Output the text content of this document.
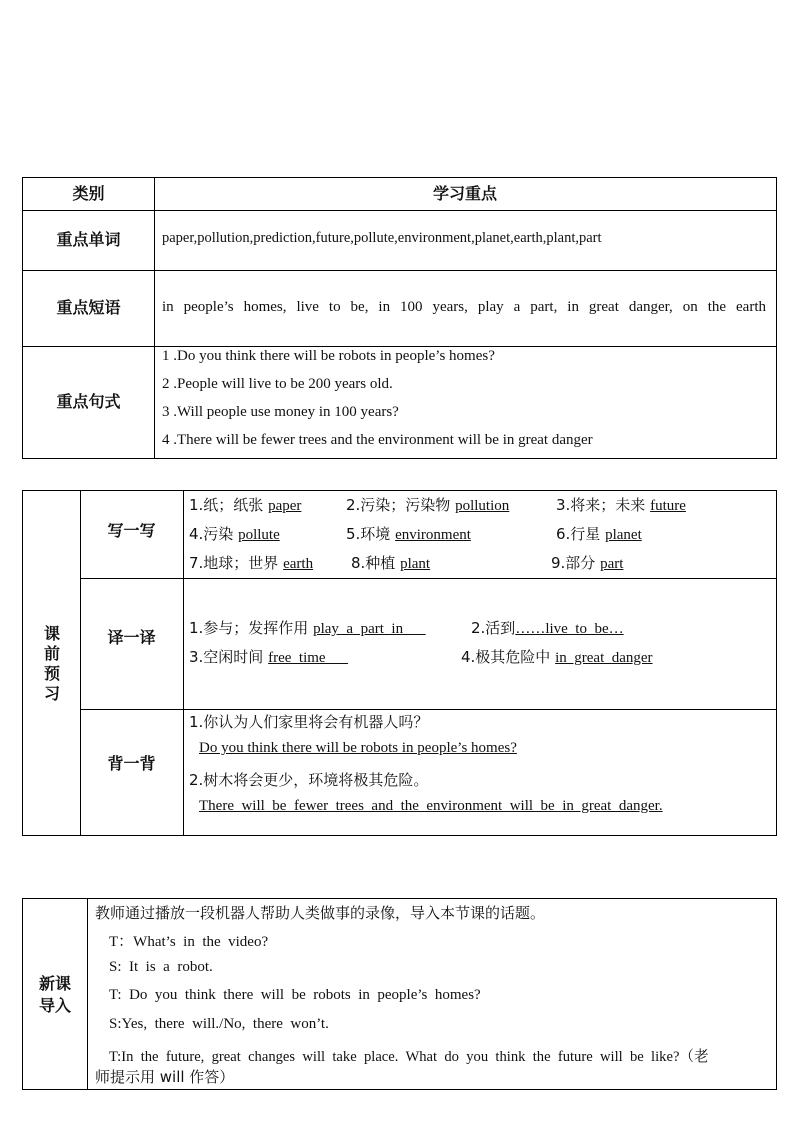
类别	学习重点
重点单词	paper,pollution,prediction,future,pollute,environment,planet,earth,plant,part
重点短语	in people’s homes, live to be, in 100 years, play a part, in great danger, on the earth
重点句式
1 .Do you think there will be robots in people’s homes?
2 .People will live to be 200 years old.
3 .Will people use money in 100 years?
4 .There will be fewer trees and the environment will be in great danger
课前预习
写一写
1.纸；纸张 paper	2.污染；污染物 pollution	3.将来；未来 future
4.污染 pollute	5.环境 environment	6.行星 planet
7.地球；世界 earth	8.种植 plant	9.部分 part
译一译	1.参与；发挥作用 play  a  part  in	2.活到……live  to  be…
3.空闲时间 free  time	4.极其危险中 in  great  danger
背一背
1.你认为人们家里将会有机器人吗？
Do you think there will be robots in people’s homes?
2.树木将会更少，环境将极其危险。
There  will  be  fewer  trees  and  the  environment  will  be  in  great  danger.
新课导入
教师通过播放一段机器人帮助人类做事的录像，导入本节课的话题。
T：What’s  in  the  video?
S:  It  is  a  robot.
T:  Do  you  think  there  will  be  robots  in  people’s  homes?
S:Yes,  there  will./No,  there  won’t.
T:In  the  future,  great  changes  will  take  place.  What  do  you  think  the  future  will  be  like?（老
师提示用 will 作答）
